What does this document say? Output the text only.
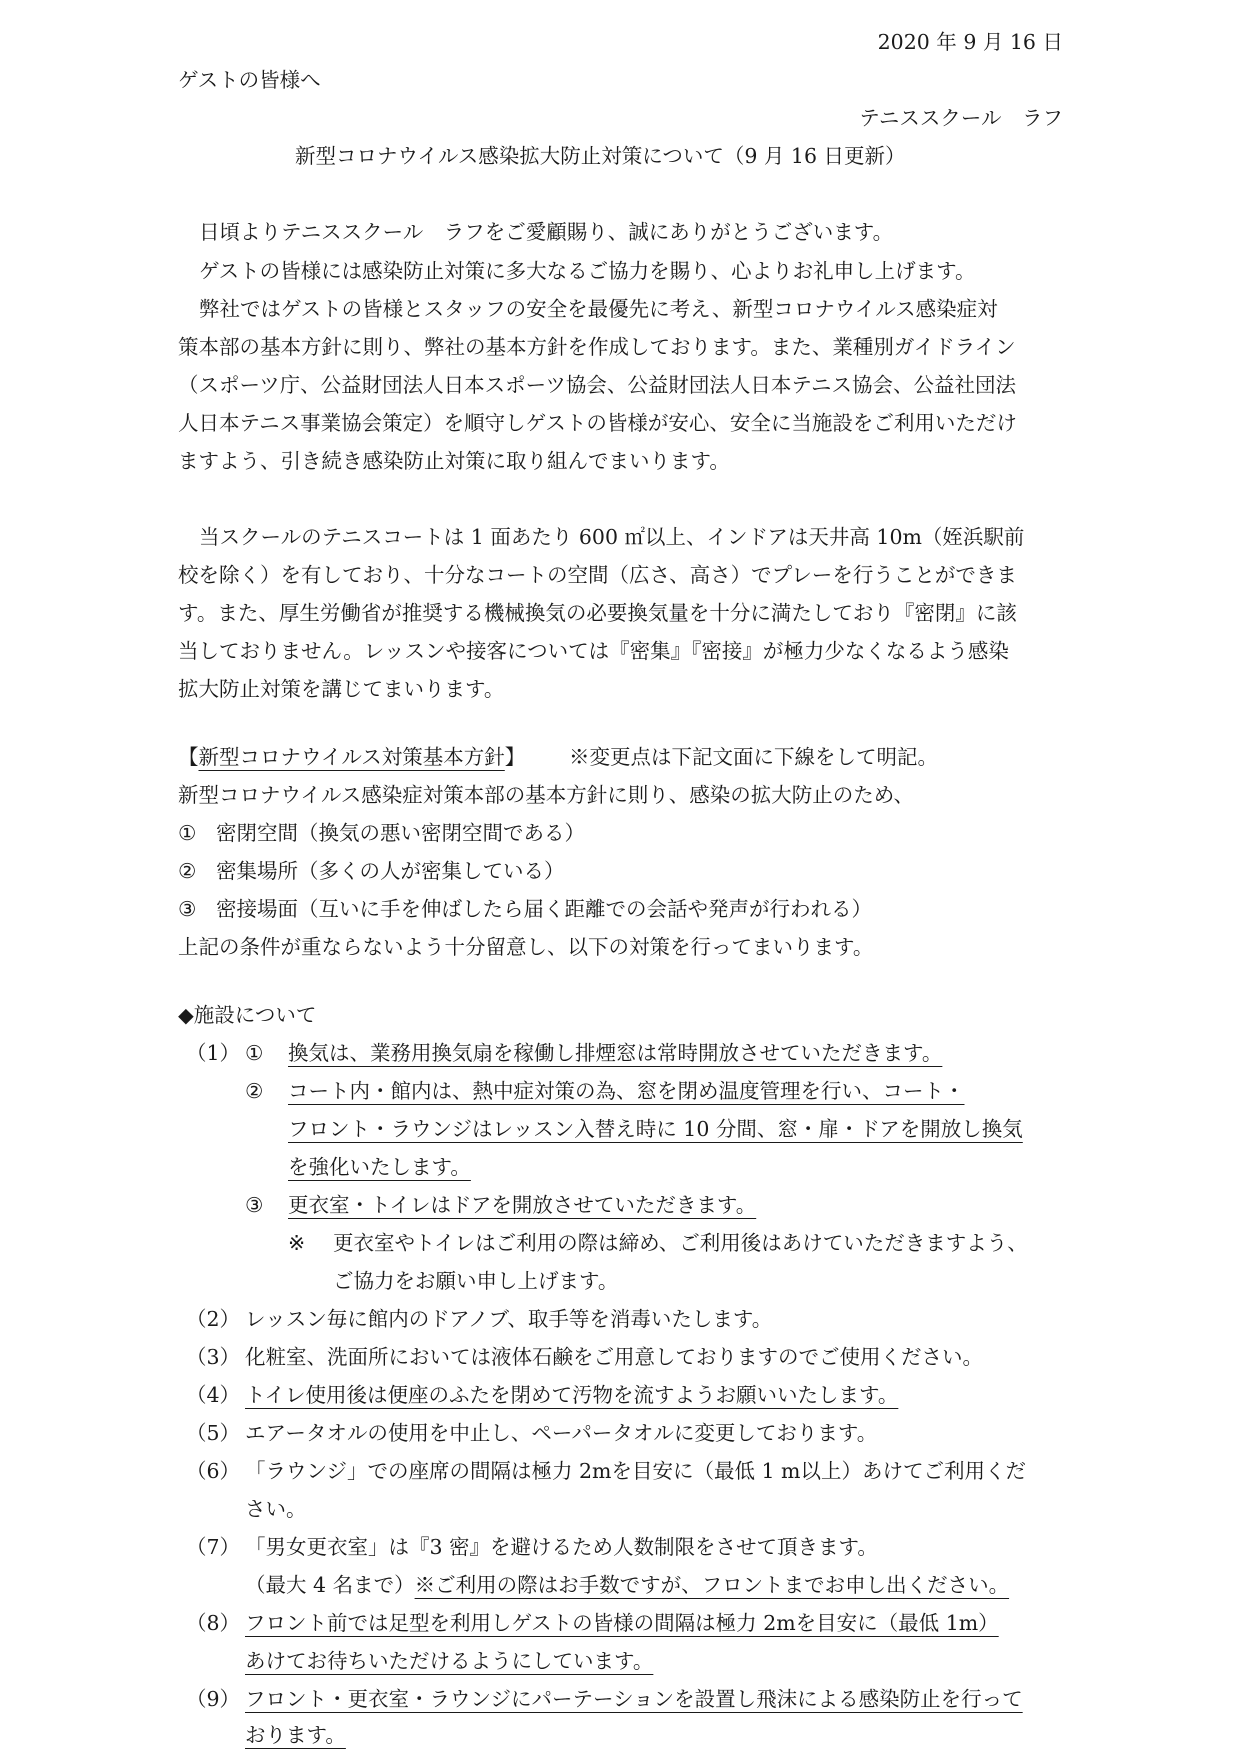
2020 年 9 月 16 日
ゲストの皆様へ
テニススクール　ラフ
新型コロナウイルス感染拡大防止対策について（9 月 16 日更新）
日頃よりテニススクール　ラフをご愛顧賜り、誠にありがとうございます。
ゲストの皆様には感染防止対策に多大なるご協力を賜り、心よりお礼申し上げます。
弊社ではゲストの皆様とスタッフの安全を最優先に考え、新型コロナウイルス感染症対
策本部の基本方針に則り、弊社の基本方針を作成しております。また、業種別ガイドライン
（スポーツ庁、公益財団法人日本スポーツ協会、公益財団法人日本テニス協会、公益社団法
人日本テニス事業協会策定）を順守しゲストの皆様が安心、安全に当施設をご利用いただけ
ますよう、引き続き感染防止対策に取り組んでまいります。
当スクールのテニスコートは 1 面あたり 600 ㎡以上、インドアは天井高 10m（姪浜駅前
校を除く）を有しており、十分なコートの空間（広さ、高さ）でプレーを行うことができま
す。また、厚生労働省が推奨する機械換気の必要換気量を十分に満たしており『密閉』に該
当しておりません。レッスンや接客については『密集』『密接』が極力少なくなるよう感染
拡大防止対策を講じてまいります。
【新型コロナウイルス対策基本方針】 ※変更点は下記文面に下線をして明記。
新型コロナウイルス感染症対策本部の基本方針に則り、感染の拡大防止のため、
① 密閉空間（換気の悪い密閉空間である）
② 密集場所（多くの人が密集している）
③ 密接場面（互いに手を伸ばしたら届く距離での会話や発声が行われる）
上記の条件が重ならないよう十分留意し、以下の対策を行ってまいります。
◆施設について
（1） ① 換気は、業務用換気扇を稼働し排煙窓は常時開放させていただきます。
② コート内・館内は、熱中症対策の為、窓を閉め温度管理を行い、コート・
フロント・ラウンジはレッスン入替え時に 10 分間、窓・扉・ドアを開放し換気
を強化いたします。
③ 更衣室・トイレはドアを開放させていただきます。
※ 更衣室やトイレはご利用の際は締め、ご利用後はあけていただきますよう、
ご協力をお願い申し上げます。
（2） レッスン毎に館内のドアノブ、取手等を消毒いたします。
（3） 化粧室、洗面所においては液体石鹸をご用意しておりますのでご使用ください。
（4） トイレ使用後は便座のふたを閉めて汚物を流すようお願いいたします。
（5） エアータオルの使用を中止し、ペーパータオルに変更しております。
（6） 「ラウンジ」での座席の間隔は極力 2mを目安に（最低 1 m以上）あけてご利用くだ
さい。
（7） 「男女更衣室」は『3 密』を避けるため人数制限をさせて頂きます。
（最大 4 名まで）※ご利用の際はお手数ですが、フロントまでお申し出ください。
（8） フロント前では足型を利用しゲストの皆様の間隔は極力 2mを目安に（最低 1m）
あけてお待ちいただけるようにしています。
（9） フロント・更衣室・ラウンジにパーテーションを設置し飛沫による感染防止を行って
おります。
